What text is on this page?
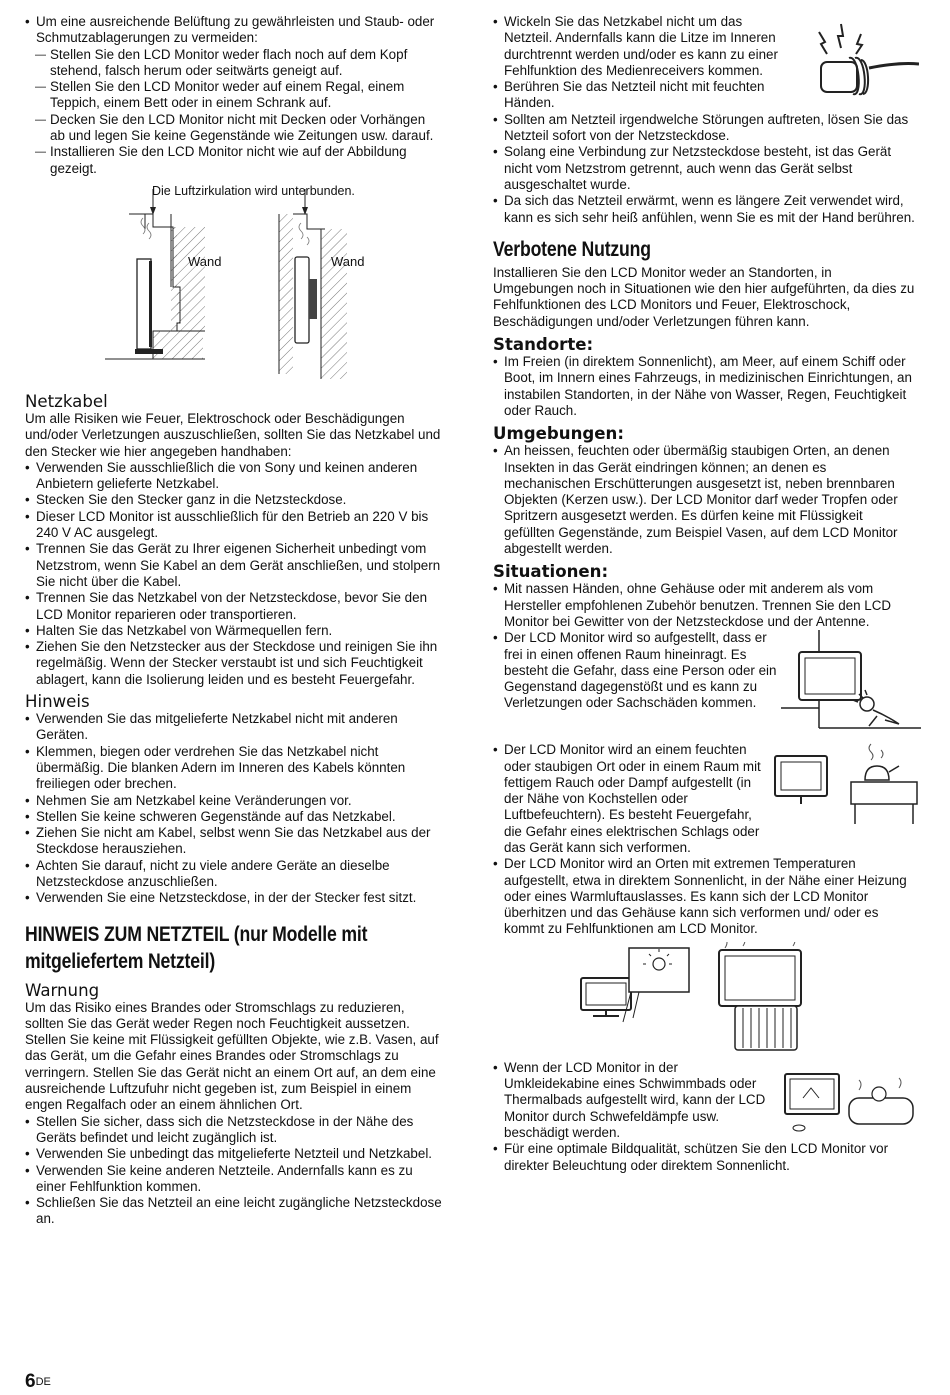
• Um eine ausreichende Belüftung zu gewährleisten und Staub- oder Schmutzablagerungen zu vermeiden:
— Stellen Sie den LCD Monitor weder flach noch auf dem Kopf stehend, falsch herum oder seitwärts geneigt auf.
— Stellen Sie den LCD Monitor weder auf einem Regal, einem Teppich, einem Bett oder in einem Schrank auf.
— Decken Sie den LCD Monitor nicht mit Decken oder Vorhängen ab und legen Sie keine Gegenstände wie Zeitungen usw. darauf.
— Installieren Sie den LCD Monitor nicht wie auf der Abbildung gezeigt.
Die Luftzirkulation wird unterbunden.
Wand	Wand
Netzkabel

Um alle Risiken wie Feuer, Elektroschock oder Beschädigungen und/oder Verletzungen auszuschließen, sollten Sie das Netzkabel und den Stecker wie hier angegeben handhaben:

• Verwenden Sie ausschließlich die von Sony und keinen anderen Anbietern gelieferte Netzkabel.
• Stecken Sie den Stecker ganz in die Netzsteckdose.
• Dieser LCD Monitor ist ausschließlich für den Betrieb an 220 V bis 240 V AC ausgelegt.
• Trennen Sie das Gerät zu Ihrer eigenen Sicherheit unbedingt vom Netzstrom, wenn Sie Kabel an dem Gerät anschließen, und stolpern Sie nicht über die Kabel.
• Trennen Sie das Netzkabel von der Netzsteckdose, bevor Sie den LCD Monitor reparieren oder transportieren.
• Halten Sie das Netzkabel von Wärmequellen fern.
• Ziehen Sie den Netzstecker aus der Steckdose und reinigen Sie ihn regelmäßig. Wenn der Stecker verstaubt ist und sich Feuchtigkeit ablagert, kann die Isolierung leiden und es besteht Feuergefahr.
Hinweis
• Verwenden Sie das mitgelieferte Netzkabel nicht mit anderen Geräten.
• Klemmen, biegen oder verdrehen Sie das Netzkabel nicht übermäßig. Die blanken Adern im Inneren des Kabels könnten freiliegen oder brechen.
• Nehmen Sie am Netzkabel keine Veränderungen vor.
• Stellen Sie keine schweren Gegenstände auf das Netzkabel.
• Ziehen Sie nicht am Kabel, selbst wenn Sie das Netzkabel aus der Steckdose herausziehen.
• Achten Sie darauf, nicht zu viele andere Geräte an dieselbe Netzsteckdose anzuschließen.
• Verwenden Sie eine Netzsteckdose, in der der Stecker fest sitzt.
HINWEIS ZUM NETZTEIL (nur Modelle mit
mitgeliefertem Netzteil)
Warnung

Um das Risiko eines Brandes oder Stromschlags zu reduzieren, sollten Sie das Gerät weder Regen noch Feuchtigkeit aussetzen. Stellen Sie keine mit Flüssigkeit gefüllten Objekte, wie z.B. Vasen, auf das Gerät, um die Gefahr eines Brandes oder Stromschlags zu verringern. Stellen Sie das Gerät nicht an einem Ort auf, an dem eine ausreichende Luftzufuhr nicht gegeben ist, zum Beispiel in einem engen Regalfach oder an einem ähnlichen Ort.

• Stellen Sie sicher, dass sich die Netzsteckdose in der Nähe des Geräts befindet und leicht zugänglich ist.
• Verwenden Sie unbedingt das mitgelieferte Netzteil und Netzkabel.
• Verwenden Sie keine anderen Netzteile. Andernfalls kann es zu einer Fehlfunktion kommen.
• Schließen Sie das Netzteil an eine leicht zugängliche Netzsteckdose an.
• Wickeln Sie das Netzkabel nicht um das Netzteil. Andernfalls kann die Litze im Inneren durchtrennt werden und/oder es kann zu einer Fehlfunktion des Medienreceivers kommen.
• Berühren Sie das Netzteil nicht mit feuchten Händen.
• Sollten am Netzteil irgendwelche Störungen auftreten, lösen Sie das Netzteil sofort von der Netzsteckdose.
• Solang eine Verbindung zur Netzsteckdose besteht, ist das Gerät nicht vom Netzstrom getrennt, auch wenn das Gerät selbst ausgeschaltet wurde.
• Da sich das Netzteil erwärmt, wenn es längere Zeit verwendet wird, kann es sich sehr heiß anfühlen, wenn Sie es mit der Hand berühren.
Verbotene Nutzung

Installieren Sie den LCD Monitor weder an Standorten, in Umgebungen noch in Situationen wie den hier aufgeführten, da dies zu Fehlfunktionen des LCD Monitors und Feuer, Elektroschock, Beschädigungen und/oder Verletzungen führen kann.

Standorte:
• Im Freien (in direktem Sonnenlicht), am Meer, auf einem Schiff oder Boot, im Innern eines Fahrzeugs, in medizinischen Einrichtungen, an instabilen Standorten, in der Nähe von Wasser, Regen, Feuchtigkeit oder Rauch.
Umgebungen:
• An heissen, feuchten oder übermäßig staubigen Orten, an denen Insekten in das Gerät eindringen können; an denen es mechanischen Erschütterungen ausgesetzt ist, neben brennbaren Objekten (Kerzen usw.). Der LCD Monitor darf weder Tropfen oder Spritzern ausgesetzt werden. Es dürfen keine mit Flüssigkeit gefüllten Gegenstände, zum Beispiel Vasen, auf dem LCD Monitor abgestellt werden.
Situationen:
• Mit nassen Händen, ohne Gehäuse oder mit anderem als vom Hersteller empfohlenen Zubehör benutzen. Trennen Sie den LCD Monitor bei Gewitter von der Netzsteckdose und der Antenne.
• Der LCD Monitor wird so aufgestellt, dass er frei in einen offenen Raum hineinragt. Es besteht die Gefahr, dass eine Person oder ein Gegenstand dagegenstößt und es kann zu Verletzungen oder Sachschäden kommen.
• Der LCD Monitor wird an einem feuchten oder staubigen Ort oder in einem Raum mit fettigem Rauch oder Dampf aufgestellt (in der Nähe von Kochstellen oder Luftbefeuchtern). Es besteht Feuergefahr, die Gefahr eines elektrischen Schlags oder das Gerät kann sich verformen.
• Der LCD Monitor wird an Orten mit extremen Temperaturen aufgestellt, etwa in direktem Sonnenlicht, in der Nähe einer Heizung oder eines Warmluftauslasses. Es kann sich der LCD Monitor überhitzen und das Gehäuse kann sich verformen und/ oder es kommt zu Fehlfunktionen am LCD Monitor.
• Wenn der LCD Monitor in der Umkleidekabine eines Schwimmbads oder Thermalbads aufgestellt wird, kann der LCD Monitor durch Schwefeldämpfe usw. beschädigt werden.
• Für eine optimale Bildqualität, schützen Sie den LCD Monitor vor direkter Beleuchtung oder direktem Sonnenlicht.
6DE
